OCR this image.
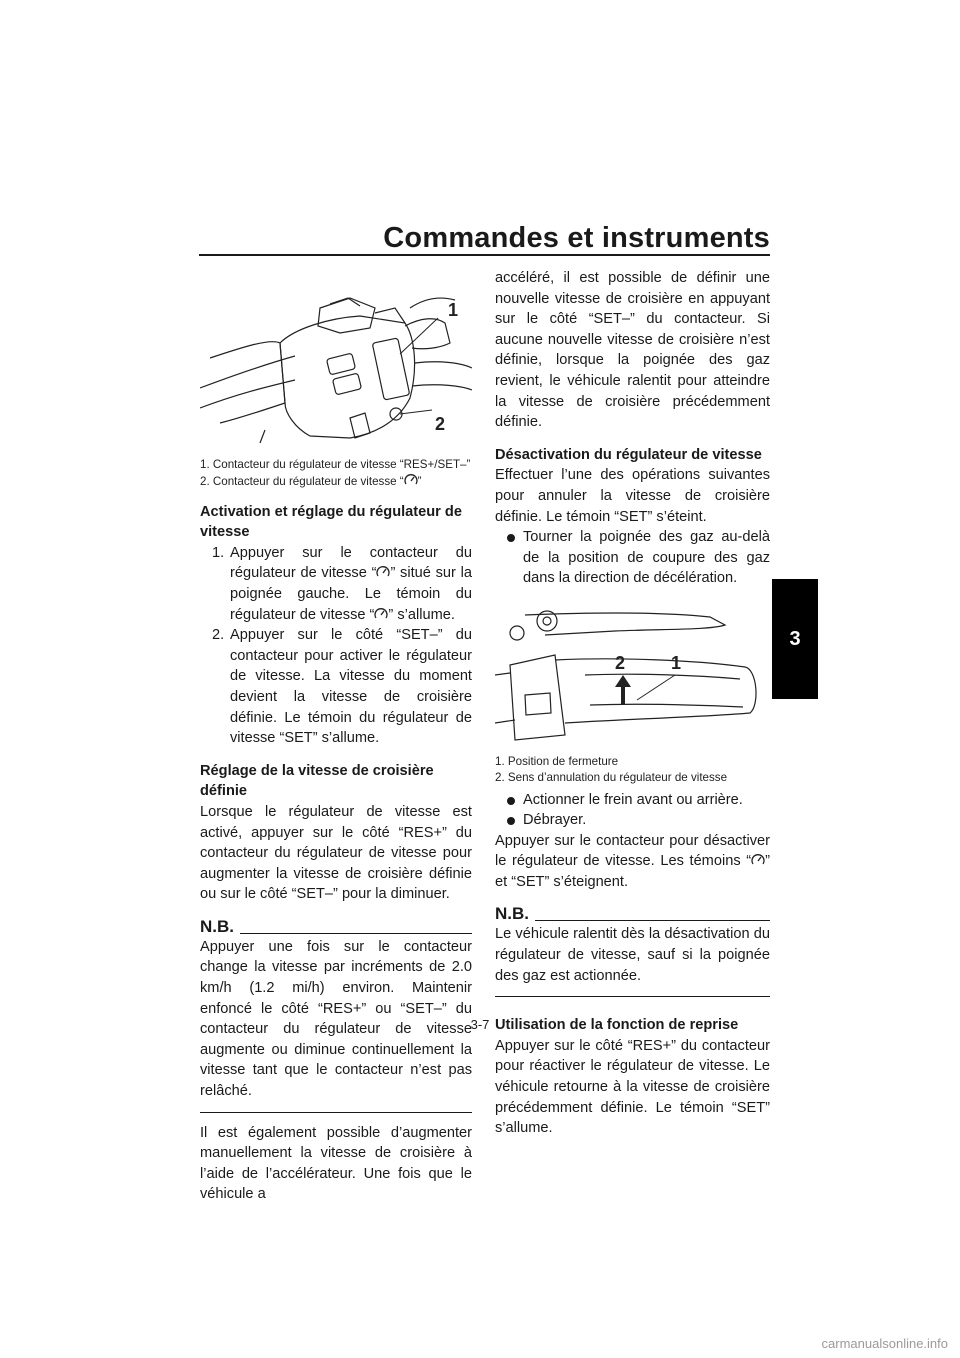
Commandes et instruments
3
1
2
1. Contacteur du régulateur de vitesse “RES+/SET–”
2. Contacteur du régulateur de vitesse “ ”
Activation et réglage du régulateur de vitesse
1. Appuyer sur le contacteur du régulateur de vitesse “ ” situé sur la poignée gauche. Le témoin du régulateur de vitesse “ ” s’allume.
2. Appuyer sur le côté “SET–” du contacteur pour activer le régulateur de vitesse. La vitesse du moment devient la vitesse de croisière définie. Le témoin du régulateur de vitesse “SET” s’allume.
Réglage de la vitesse de croisière définie

Lorsque le régulateur de vitesse est activé, appuyer sur le côté “RES+” du contacteur du régulateur de vitesse pour augmenter la vitesse de croisière définie ou sur le côté “SET–” pour la diminuer.

N.B.

Appuyer une fois sur le contacteur change la vitesse par incréments de 2.0 km/h (1.2 mi/h) environ. Maintenir enfoncé le côté “RES+” ou “SET–” du contacteur du régulateur de vitesse augmente ou diminue continuellement la vitesse tant que le contacteur n’est pas relâché.

Il est également possible d’augmenter manuellement la vitesse de croisière à l’aide de l’accélérateur. Une fois que le véhicule a

accéléré, il est possible de définir une nouvelle vitesse de croisière en appuyant sur le côté “SET–” du contacteur. Si aucune nouvelle vitesse de croisière n’est définie, lorsque la poignée des gaz revient, le véhicule ralentit pour atteindre la vitesse de croisière précédemment définie.

Désactivation du régulateur de vitesse

Effectuer l’une des opérations suivantes pour annuler la vitesse de croisière définie. Le témoin “SET” s’éteint.

Tourner la poignée des gaz au-delà de la position de coupure des gaz dans la direction de décélération.
2	1
1. Position de fermeture
2. Sens d’annulation du régulateur de vitesse
Actionner le frein avant ou arrière.
Débrayer.

Appuyer sur le contacteur pour désactiver le régulateur de vitesse. Les témoins “ ” et “SET” s’éteignent.

N.B.

Le véhicule ralentit dès la désactivation du régulateur de vitesse, sauf si la poignée des gaz est actionnée.

Utilisation de la fonction de reprise

Appuyer sur le côté “RES+” du contacteur pour réactiver le régulateur de vitesse. Le véhicule retourne à la vitesse de croisière précédemment définie. Le témoin “SET” s’allume.

3-7
carmanualsonline.info
